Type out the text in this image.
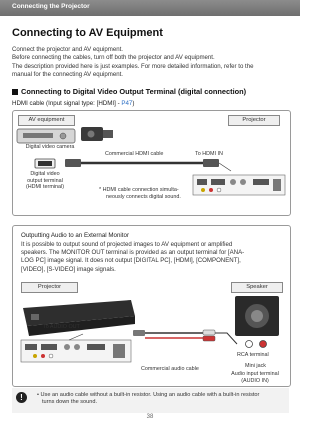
Connecting the Projector
Connecting to AV Equipment
Connect the projector and AV equipment.
Before connecting the cables, turn off both the projector and AV equipment.
The description provided here is just examples. For more detailed information, refer to the
manual for the connecting AV equipment.
Connecting to Digital Video Output Terminal (digital connection)
HDMI cable (Input signal type: [HDMI] - P47)
AV equipment	Projector
Digital video camera
Digital video
output terminal
(HDMI terminal)
Commercial HDMI cable	To HDMI IN
* HDMI cable connection simulta-
neously connects digital sound.
Outputting Audio to an External Monitor
It is possible to output sound of projected images to AV equipment or amplified
speakers. The MONITOR OUT terminal is provided as an output terminal for [ANA-
LOG PC] image signal. It does not output [DIGITAL PC], [HDMI], [COMPONENT],
[VIDEO], [S-VIDEO] image signals.
Projector	Speaker
To AUDIO OUT
RCA terminal
Mini jack
Commercial audio cable
Audio input terminal
(AUDIO IN)
!	• Use an audio cable without a built-in resistor. Using an audio cable with a built-in resistor
turns down the sound.
38
